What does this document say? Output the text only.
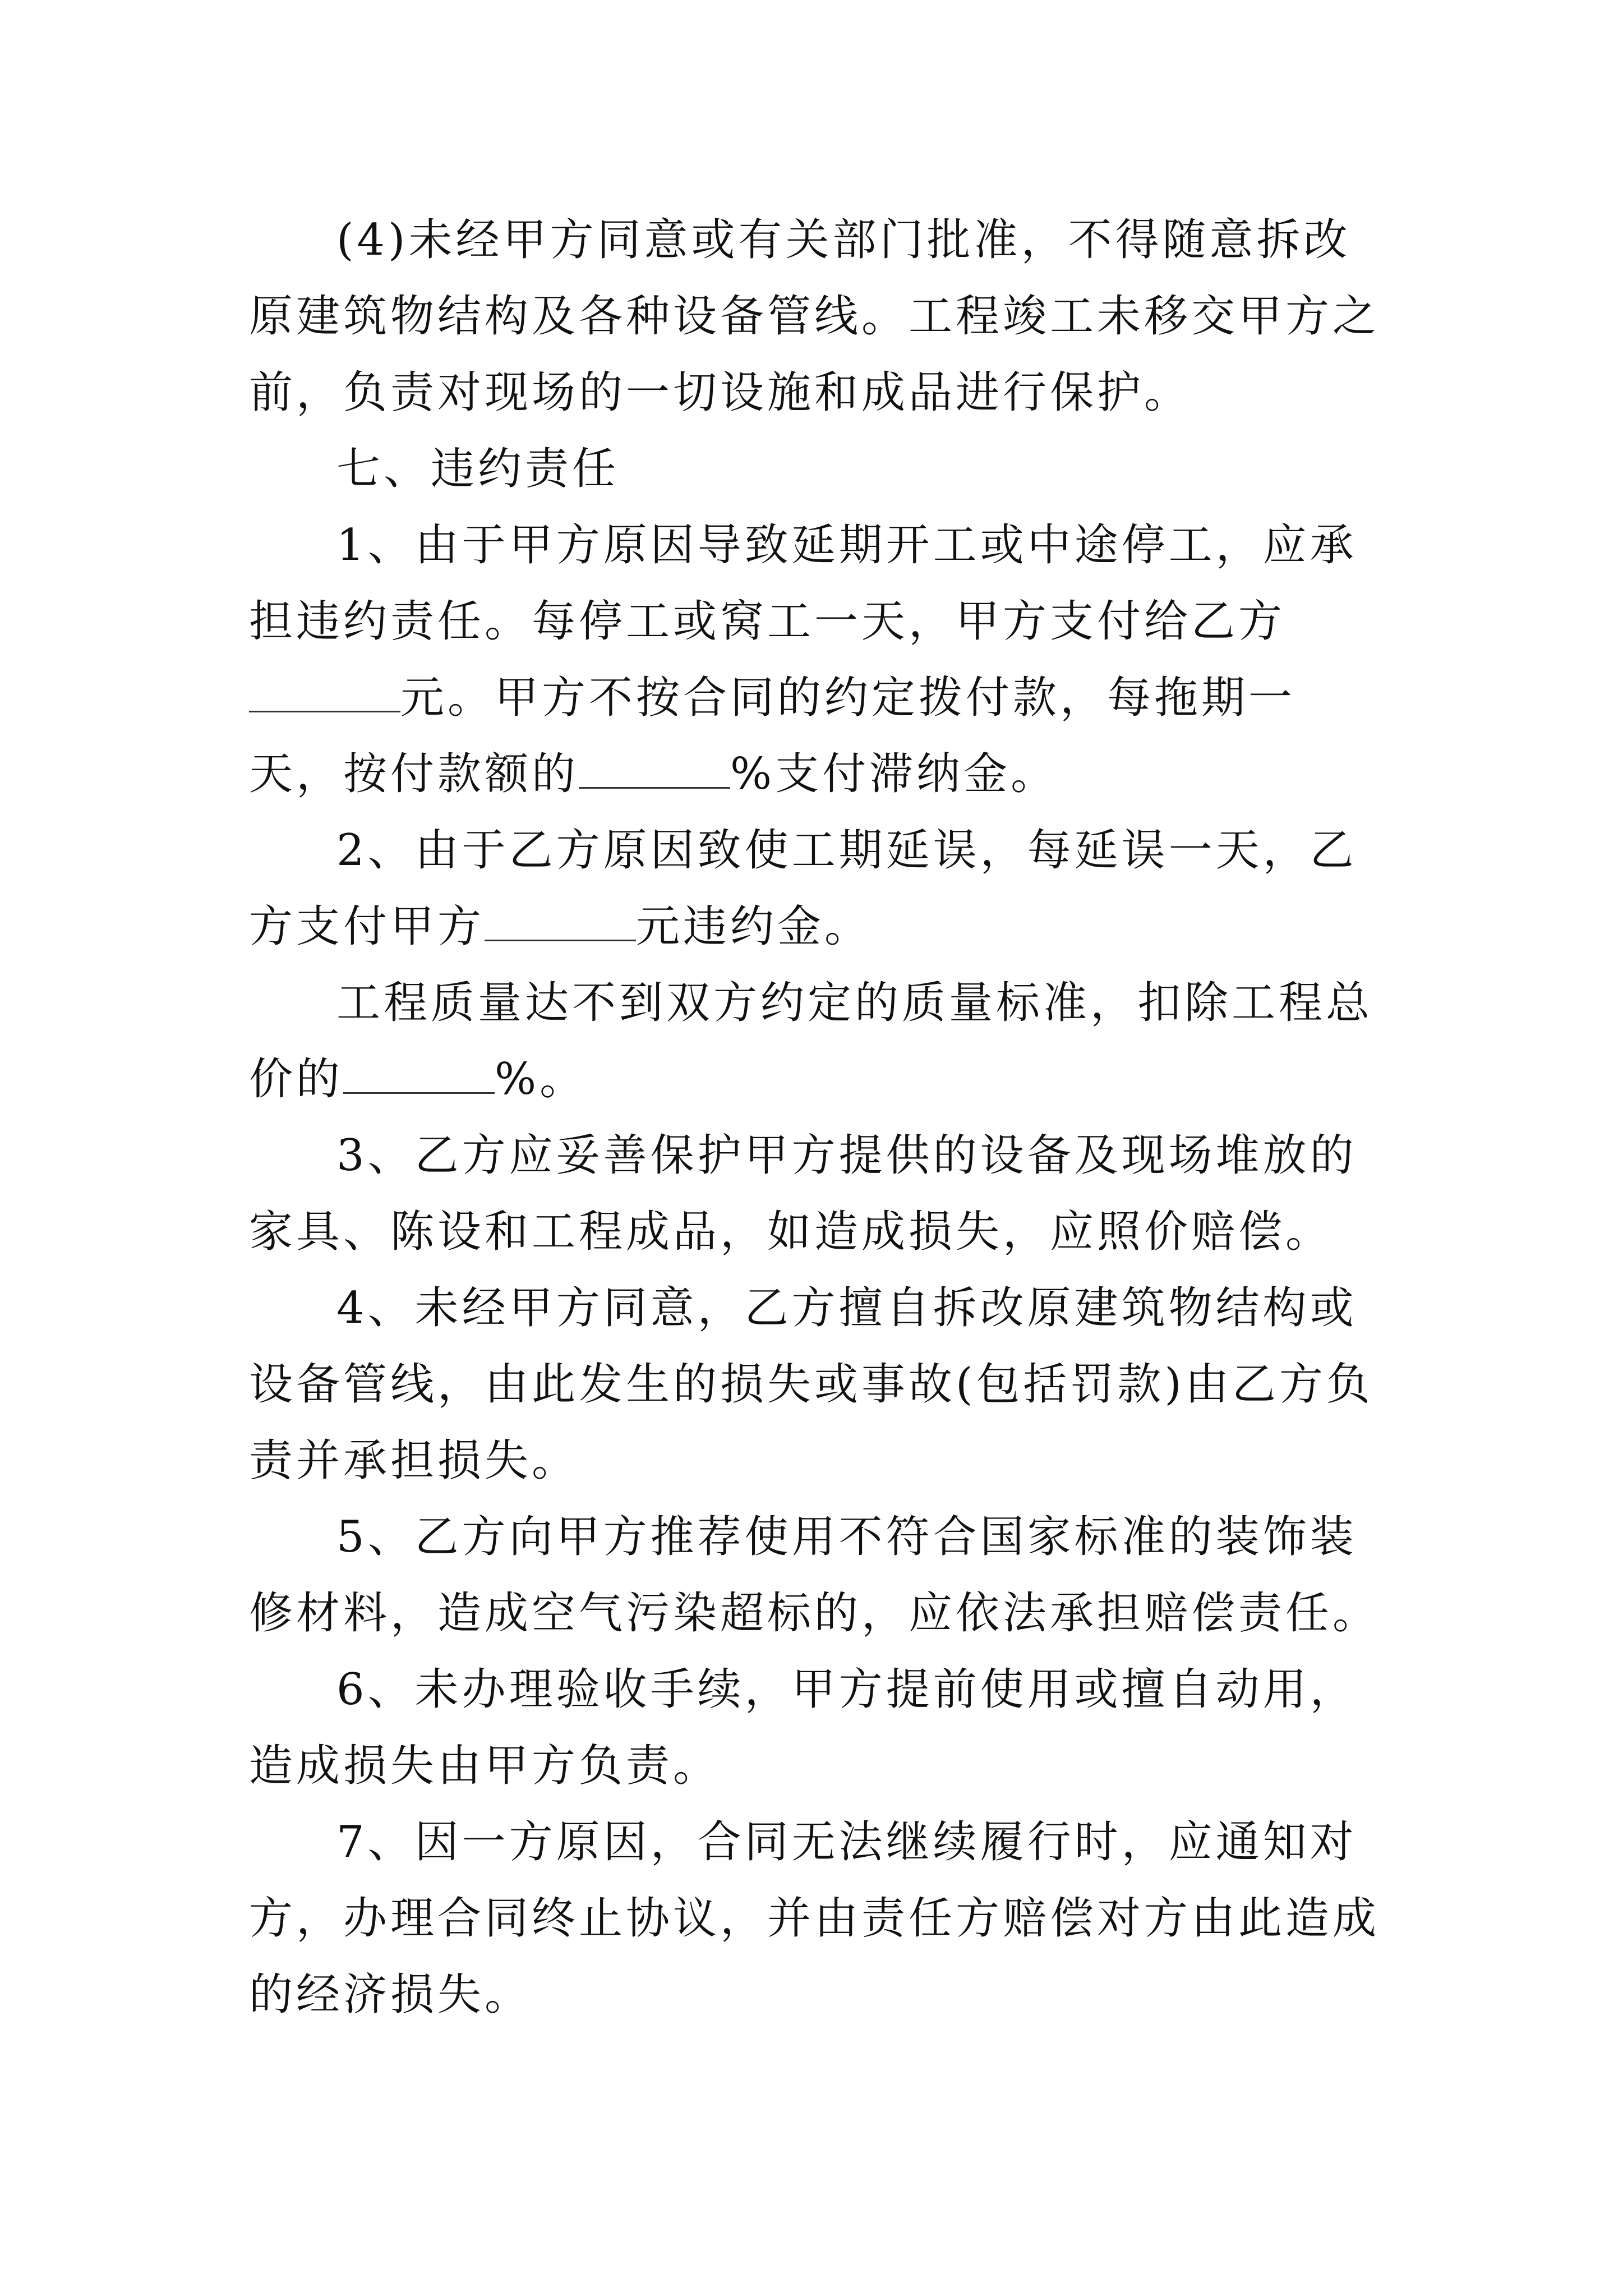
(4)未经甲方同意或有关部门批准，不得随意拆改原建筑物结构及各种设备管线。工程竣工未移交甲方之前，负责对现场的一切设施和成品进行保护。

七、违约责任

1、由于甲方原因导致延期开工或中途停工，应承担违约责任。每停工或窝工一天，甲方支付给乙方元。甲方不按合同的约定拨付款，每拖期一天，按付款额的	%支付滞纳金。

2、由于乙方原因致使工期延误，每延误一天，乙方支付甲方	元违约金。

工程质量达不到双方约定的质量标准，扣除工程总价的	%。

3、乙方应妥善保护甲方提供的设备及现场堆放的家具、陈设和工程成品，如造成损失，应照价赔偿。

4、未经甲方同意，乙方擅自拆改原建筑物结构或设备管线，由此发生的损失或事故(包括罚款)由乙方负责并承担损失。

5、乙方向甲方推荐使用不符合国家标准的装饰装修材料，造成空气污染超标的，应依法承担赔偿责任。

6、未办理验收手续，甲方提前使用或擅自动用，造成损失由甲方负责。

7、因一方原因，合同无法继续履行时，应通知对方，办理合同终止协议，并由责任方赔偿对方由此造成的经济损失。
